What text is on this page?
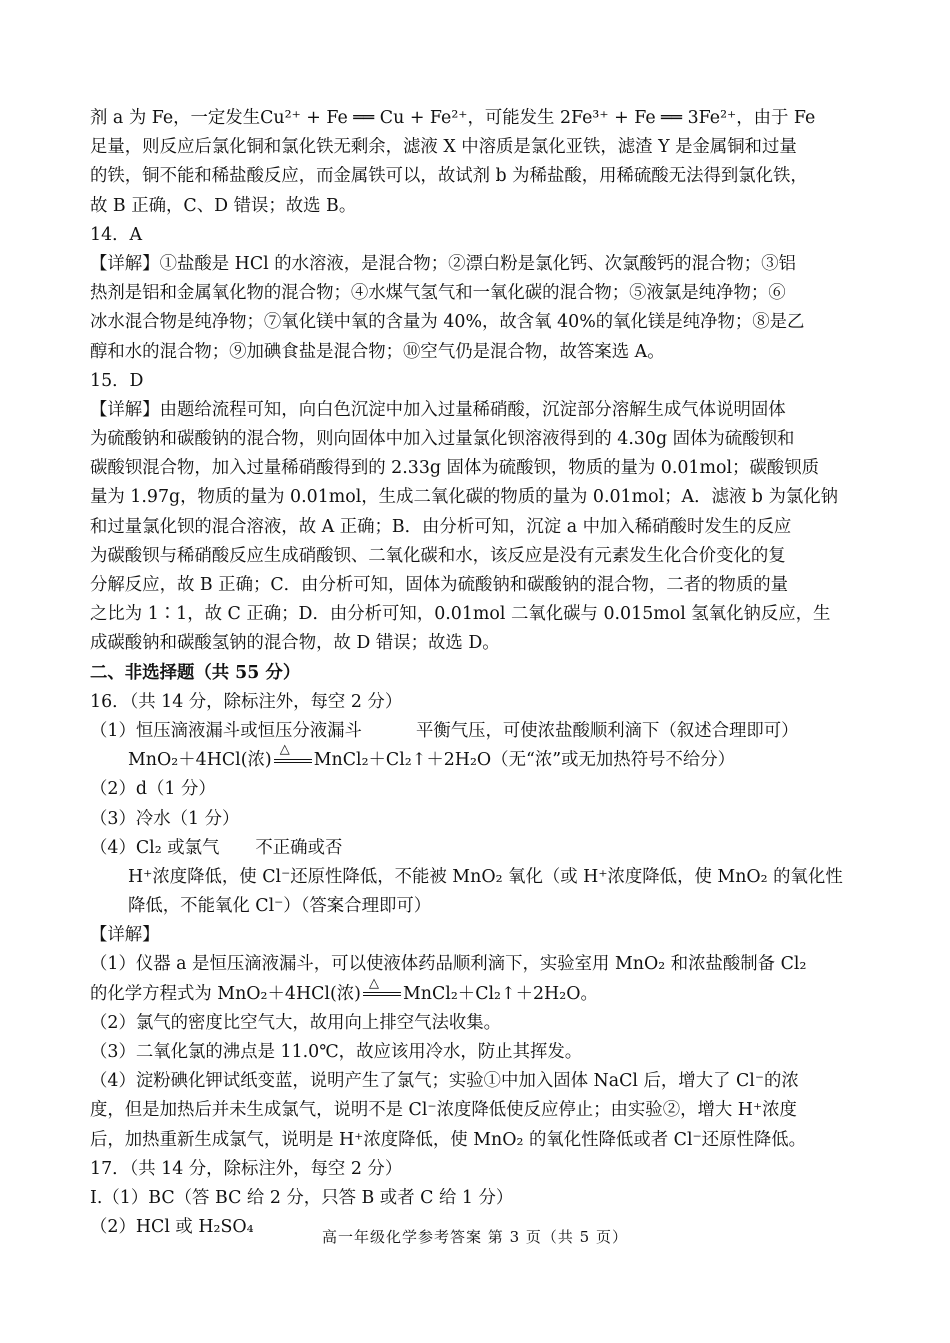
剂 a 为 Fe，一定发生Cu²⁺ + Fe ══ Cu + Fe²⁺，可能发生 2Fe³⁺ + Fe ══ 3Fe²⁺，由于 Fe
足量，则反应后氯化铜和氯化铁无剩余，滤液 X 中溶质是氯化亚铁，滤渣 Y 是金属铜和过量
的铁，铜不能和稀盐酸反应，而金属铁可以，故试剂 b 为稀盐酸，用稀硫酸无法得到氯化铁，
故 B 正确，C、D 错误；故选 B。
14．A
【详解】①盐酸是 HCl 的水溶液，是混合物；②漂白粉是氯化钙、次氯酸钙的混合物；③铝
热剂是铝和金属氧化物的混合物；④水煤气氢气和一氧化碳的混合物；⑤液氯是纯净物；⑥
冰水混合物是纯净物；⑦氧化镁中氧的含量为 40%，故含氧 40%的氧化镁是纯净物；⑧是乙
醇和水的混合物；⑨加碘食盐是混合物；⑩空气仍是混合物，故答案选 A。
15．D
【详解】由题给流程可知，向白色沉淀中加入过量稀硝酸，沉淀部分溶解生成气体说明固体
为硫酸钠和碳酸钠的混合物，则向固体中加入过量氯化钡溶液得到的 4.30g 固体为硫酸钡和
碳酸钡混合物，加入过量稀硝酸得到的 2.33g 固体为硫酸钡，物质的量为 0.01mol；碳酸钡质
量为 1.97g，物质的量为 0.01mol，生成二氧化碳的物质的量为 0.01mol；A．滤液 b 为氯化钠
和过量氯化钡的混合溶液，故 A 正确；B．由分析可知，沉淀 a 中加入稀硝酸时发生的反应
为碳酸钡与稀硝酸反应生成硝酸钡、二氧化碳和水，该反应是没有元素发生化合价变化的复
分解反应，故 B 正确；C．由分析可知，固体为硫酸钠和碳酸钠的混合物，二者的物质的量
之比为 1∶1，故 C 正确；D．由分析可知，0.01mol 二氧化碳与 0.015mol 氢氧化钠反应，生
成碳酸钠和碳酸氢钠的混合物，故 D 错误；故选 D。
二、非选择题（共 55 分）
16．（共 14 分，除标注外，每空 2 分）
（1）恒压滴液漏斗或恒压分液漏斗	平衡气压，可使浓盐酸顺利滴下（叙述合理即可）
MnO₂＋4HCl(浓)
△
MnCl₂＋Cl₂↑＋2H₂O（无“浓”或无加热符号不给分）
（2）d（1 分）
（3）冷水（1 分）
（4）Cl₂ 或氯气 不正确或否
H⁺浓度降低，使 Cl⁻还原性降低，不能被 MnO₂ 氧化（或 H⁺浓度降低，使 MnO₂ 的氧化性
降低，不能氧化 Cl⁻）（答案合理即可）
【详解】
（1）仪器 a 是恒压滴液漏斗，可以使液体药品顺利滴下，实验室用 MnO₂ 和浓盐酸制备 Cl₂
的化学方程式为 MnO₂＋4HCl(浓)
△
MnCl₂＋Cl₂↑＋2H₂O。
（2）氯气的密度比空气大，故用向上排空气法收集。
（3）二氧化氯的沸点是 11.0℃，故应该用冷水，防止其挥发。
（4）淀粉碘化钾试纸变蓝，说明产生了氯气；实验①中加入固体 NaCl 后，增大了 Cl⁻的浓
度，但是加热后并未生成氯气，说明不是 Cl⁻浓度降低使反应停止；由实验②，增大 H⁺浓度
后，加热重新生成氯气，说明是 H⁺浓度降低，使 MnO₂ 的氧化性降低或者 Cl⁻还原性降低。
17．（共 14 分，除标注外，每空 2 分）
I.（1）BC（答 BC 给 2 分，只答 B 或者 C 给 1 分）
（2）HCl 或 H₂SO₄	高一年级化学参考答案 第 3 页（共 5 页）
